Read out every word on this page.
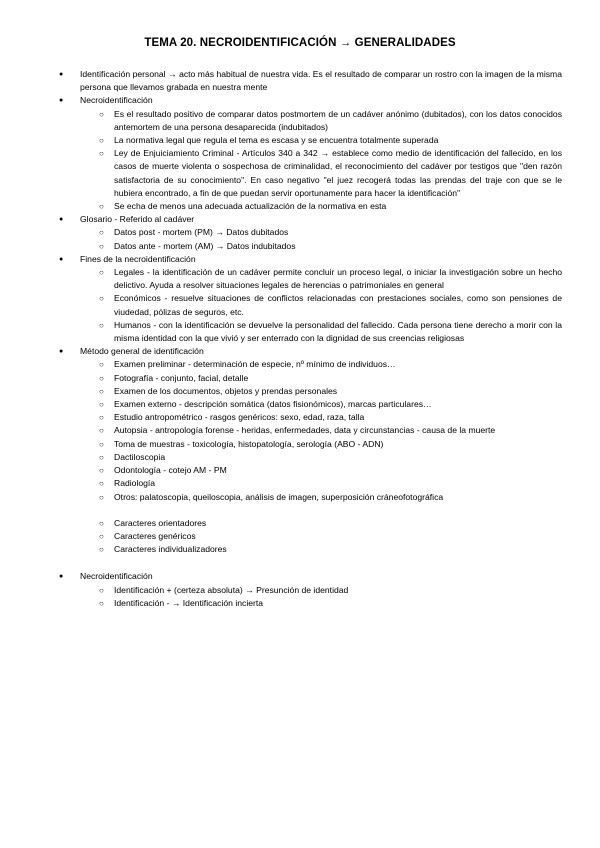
TEMA 20. NECROIDENTIFICACIÓN → GENERALIDADES
● Identificación personal → acto más habitual de nuestra vida. Es el resultado de comparar un rostro con la imagen de la misma persona que llevamos grabada en nuestra mente
● Necroidentificación
○ Es el resultado positivo de comparar datos postmortem de un cadáver anónimo (dubitados), con los datos conocidos antemortem de una persona desaparecida (indubitados)
○ La normativa legal que regula el tema es escasa y se encuentra totalmente superada
○ Ley de Enjuiciamiento Criminal - Artículos 340 a 342 → establece como medio de identificación del fallecido, en los casos de muerte violenta o sospechosa de criminalidad, el reconocimiento del cadáver por testigos que "den razón satisfactoria de su conocimiento". En caso negativo "el juez recogerá todas las prendas del traje con que se le hubiera encontrado, a fin de que puedan servir oportunamente para hacer la identificación"
○ Se echa de menos una adecuada actualización de la normativa en esta
● Glosario - Referido al cadáver
○ Datos post - mortem (PM) → Datos dubitados
○ Datos ante - mortem (AM) → Datos indubitados
● Fines de la necroidentificación
○ Legales - la identificación de un cadáver permite concluir un proceso legal, o iniciar la investigación sobre un hecho delictivo. Ayuda a resolver situaciones legales de herencias o patrimoniales en general
○ Económicos - resuelve situaciones de conflictos relacionadas con prestaciones sociales, como son pensiones de viudedad, pólizas de seguros, etc.
○ Humanos - con la identificación se devuelve la personalidad del fallecido. Cada persona tiene derecho a morir con la misma identidad con la que vivió y ser enterrado con la dignidad de sus creencias religiosas
● Método general de identificación
○ Examen preliminar - determinación de especie, nº mínimo de individuos…
○ Fotografía - conjunto, facial, detalle
○ Examen de los documentos, objetos y prendas personales
○ Examen externo - descripción somática (datos fisionómicos), marcas particulares…
○ Estudio antropométrico - rasgos genéricos: sexo, edad, raza, talla
○ Autopsia - antropología forense - heridas, enfermedades, data y circunstancias - causa de la muerte
○ Toma de muestras - toxicología, histopatología, serología (ABO - ADN)
○ Dactiloscopia
○ Odontología - cotejo AM - PM
○ Radiología
○ Otros: palatoscopia, queiloscopia, análisis de imagen, superposición cráneofotográfica
○ Caracteres orientadores
○ Caracteres genéricos
○ Caracteres individualizadores
● Necroidentificación
○ Identificación + (certeza absoluta) → Presunción de identidad
○ Identificación - → Identificación incierta
